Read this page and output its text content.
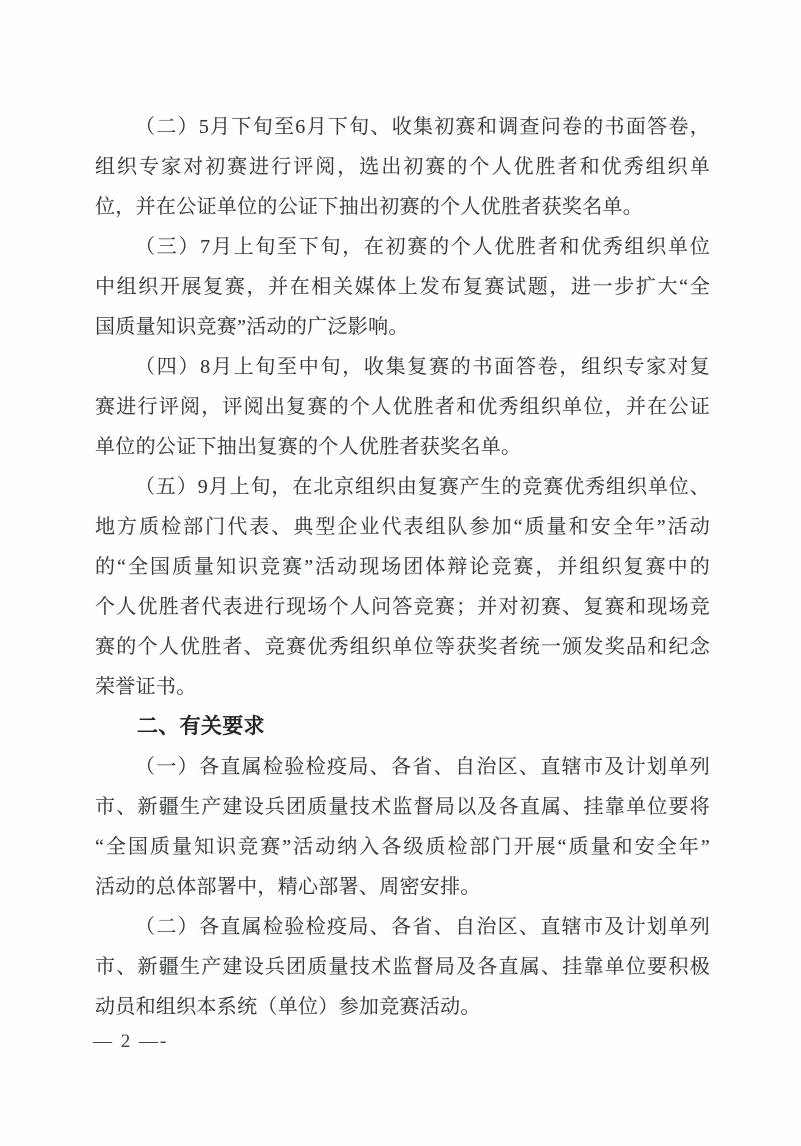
（二）5月下旬至6月下旬、收集初赛和调查问卷的书面答卷，

组织专家对初赛进行评阅，选出初赛的个人优胜者和优秀组织单

位，并在公证单位的公证下抽出初赛的个人优胜者获奖名单。

（三）7月上旬至下旬，在初赛的个人优胜者和优秀组织单位

中组织开展复赛，并在相关媒体上发布复赛试题，进一步扩大“全

国质量知识竞赛”活动的广泛影响。

（四）8月上旬至中旬，收集复赛的书面答卷，组织专家对复

赛进行评阅，评阅出复赛的个人优胜者和优秀组织单位，并在公证

单位的公证下抽出复赛的个人优胜者获奖名单。

（五）9月上旬，在北京组织由复赛产生的竞赛优秀组织单位、

地方质检部门代表、典型企业代表组队参加“质量和安全年”活动

的“全国质量知识竞赛”活动现场团体辩论竞赛，并组织复赛中的

个人优胜者代表进行现场个人问答竞赛；并对初赛、复赛和现场竞

赛的个人优胜者、竞赛优秀组织单位等获奖者统一颁发奖品和纪念

荣誉证书。

二、有关要求

（一）各直属检验检疫局、各省、自治区、直辖市及计划单列

市、新疆生产建设兵团质量技术监督局以及各直属、挂靠单位要将

“全国质量知识竞赛”活动纳入各级质检部门开展“质量和安全年”

活动的总体部署中，精心部署、周密安排。

（二）各直属检验检疫局、各省、自治区、直辖市及计划单列

市、新疆生产建设兵团质量技术监督局及各直属、挂靠单位要积极

动员和组织本系统（单位）参加竞赛活动。

— 2 —-
